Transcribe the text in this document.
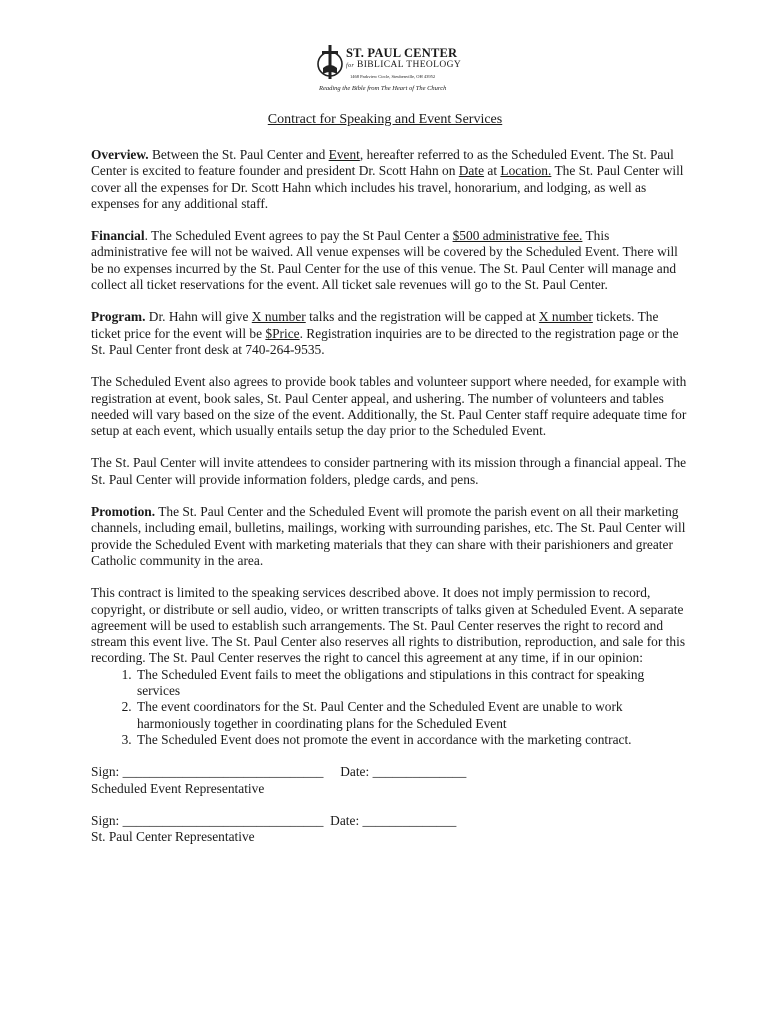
ST. PAUL CENTER
for BIBLICAL THEOLOGY
1468 Parkview Circle, Steubenville, OH 43952
Reading the Bible from The Heart of The Church
Contract for Speaking and Event Services

Overview. Between the St. Paul Center and Event, hereafter referred to as the Scheduled Event. The St. Paul Center is excited to feature founder and president Dr. Scott Hahn on Date at Location. The St. Paul Center will cover all the expenses for Dr. Scott Hahn which includes his travel, honorarium, and lodging, as well as expenses for any additional staff.

Financial. The Scheduled Event agrees to pay the St Paul Center a $500 administrative fee. This administrative fee will not be waived. All venue expenses will be covered by the Scheduled Event. There will be no expenses incurred by the St. Paul Center for the use of this venue. The St. Paul Center will manage and collect all ticket reservations for the event. All ticket sale revenues will go to the St. Paul Center.

Program. Dr. Hahn will give X number talks and the registration will be capped at X number tickets. The ticket price for the event will be $Price. Registration inquiries are to be directed to the registration page or the St. Paul Center front desk at 740-264-9535.

The Scheduled Event also agrees to provide book tables and volunteer support where needed, for example with registration at event, book sales, St. Paul Center appeal, and ushering. The number of volunteers and tables needed will vary based on the size of the event. Additionally, the St. Paul Center staff require adequate time for setup at each event, which usually entails setup the day prior to the Scheduled Event.

The St. Paul Center will invite attendees to consider partnering with its mission through a financial appeal. The St. Paul Center will provide information folders, pledge cards, and pens.

Promotion. The St. Paul Center and the Scheduled Event will promote the parish event on all their marketing channels, including email, bulletins, mailings, working with surrounding parishes, etc. The St. Paul Center will provide the Scheduled Event with marketing materials that they can share with their parishioners and greater Catholic community in the area.

This contract is limited to the speaking services described above. It does not imply permission to record, copyright, or distribute or sell audio, video, or written transcripts of talks given at Scheduled Event. A separate agreement will be used to establish such arrangements. The St. Paul Center reserves the right to record and stream this event live. The St. Paul Center also reserves all rights to distribution, reproduction, and sale for this recording. The St. Paul Center reserves the right to cancel this agreement at any time, if in our opinion:

1. The Scheduled Event fails to meet the obligations and stipulations in this contract for speaking services
2. The event coordinators for the St. Paul Center and the Scheduled Event are unable to work harmoniously together in coordinating plans for the Scheduled Event
3. The Scheduled Event does not promote the event in accordance with the marketing contract.
Sign: ______________________________     Date: ______________
Scheduled Event Representative
Sign: ______________________________  Date: ______________
St. Paul Center Representative
